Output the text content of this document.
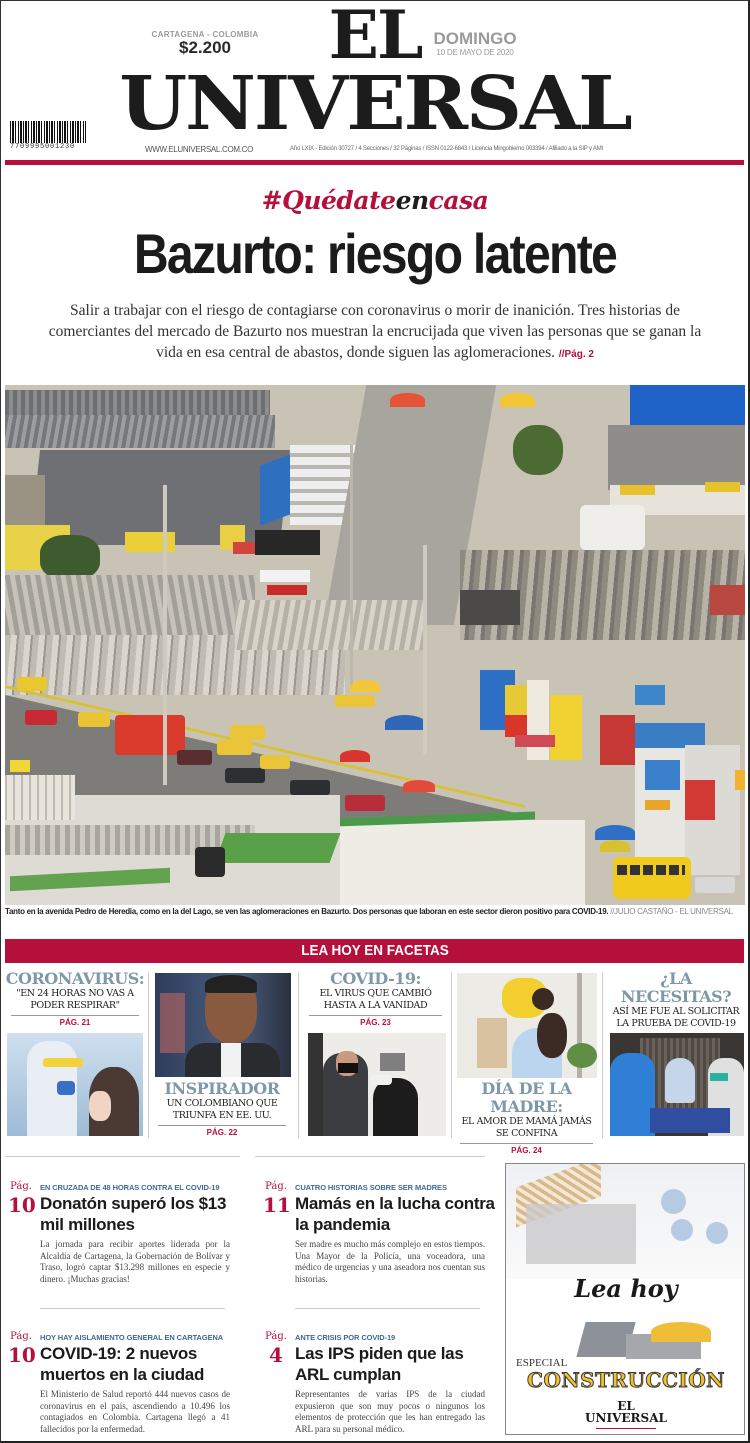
CARTAGENA - COLOMBIA
$2.200	EL
UNIVERSAL
DOMINGO
10 DE MAYO DE 2020
7709995001230	WWW.ELUNIVERSAL.COM.CO	Año LXIX - Edición 30727 / 4 Secciones / 32 Páginas / ISSN 0122-6843 / Licencia Mingobierno 003394 / Afiliado a la SIP y AMI
#Quédateencasa
Bazurto: riesgo latente

Salir a trabajar con el riesgo de contagiarse con coronavirus o morir de inanición. Tres historias de comerciantes del mercado de Bazurto nos muestran la encrucijada que viven las personas que se ganan la vida en esa central de abastos, donde siguen las aglomeraciones. //Pág. 2

Tanto en la avenida Pedro de Heredia, como en la del Lago, se ven las aglomeraciones en Bazurto. Dos personas que laboran en este sector dieron positivo para COVID-19. //JULIO CASTAÑO - EL UNIVERSAL
LEA HOY EN FACETAS
CORONAVIRUS:
"EN 24 HORAS NO VAS A PODER RESPIRAR"
PÁG. 21
INSPIRADOR
UN COLOMBIANO QUE TRIUNFA EN EE. UU.
PÁG. 22
COVID-19:
EL VIRUS QUE CAMBIÓ HASTA A LA VANIDAD
PÁG. 23
DÍA DE LA MADRE:
EL AMOR DE MAMÁ JAMÁS SE CONFINA
PÁG. 24
¿LA NECESITAS?
ASÍ ME FUE AL SOLICITAR LA PRUEBA DE COVID-19
Pág.
10
EN CRUZADA DE 48 HORAS CONTRA EL COVID-19
Donatón superó los $13 mil millones

La jornada para recibir aportes liderada por la Alcaldía de Cartagena, la Gobernación de Bolívar y Traso, logró captar $13.298 millones en especie y dinero. ¡Muchas gracias!

Pág.
11
CUATRO HISTORIAS SOBRE SER MADRES
Mamás en la lucha contra la pandemia

Ser madre es mucho más complejo en estos tiempos. Una Mayor de la Policía, una voceadora, una médico de urgencias y una aseadora nos cuentan sus historias.

Pág.
10
HOY HAY AISLAMIENTO GENERAL EN CARTAGENA
COVID-19: 2 nuevos muertos en la ciudad

El Ministerio de Salud reportó 444 nuevos casos de coronavirus en el país, ascendiendo a 10.496 los contagiados en Colombia. Cartagena llegó a 41 fallecidos por la enfermedad.

Pág.
4
ANTE CRISIS POR COVID-19
Las IPS piden que las ARL cumplan

Representantes de varias IPS de la ciudad expusieron que son muy pocos o ningunos los elementos de protección que les han entregado las ARL para su personal médico.

Lea hoy
ESPECIAL
CONSTRUCCIÓN
EL
UNIVERSAL
